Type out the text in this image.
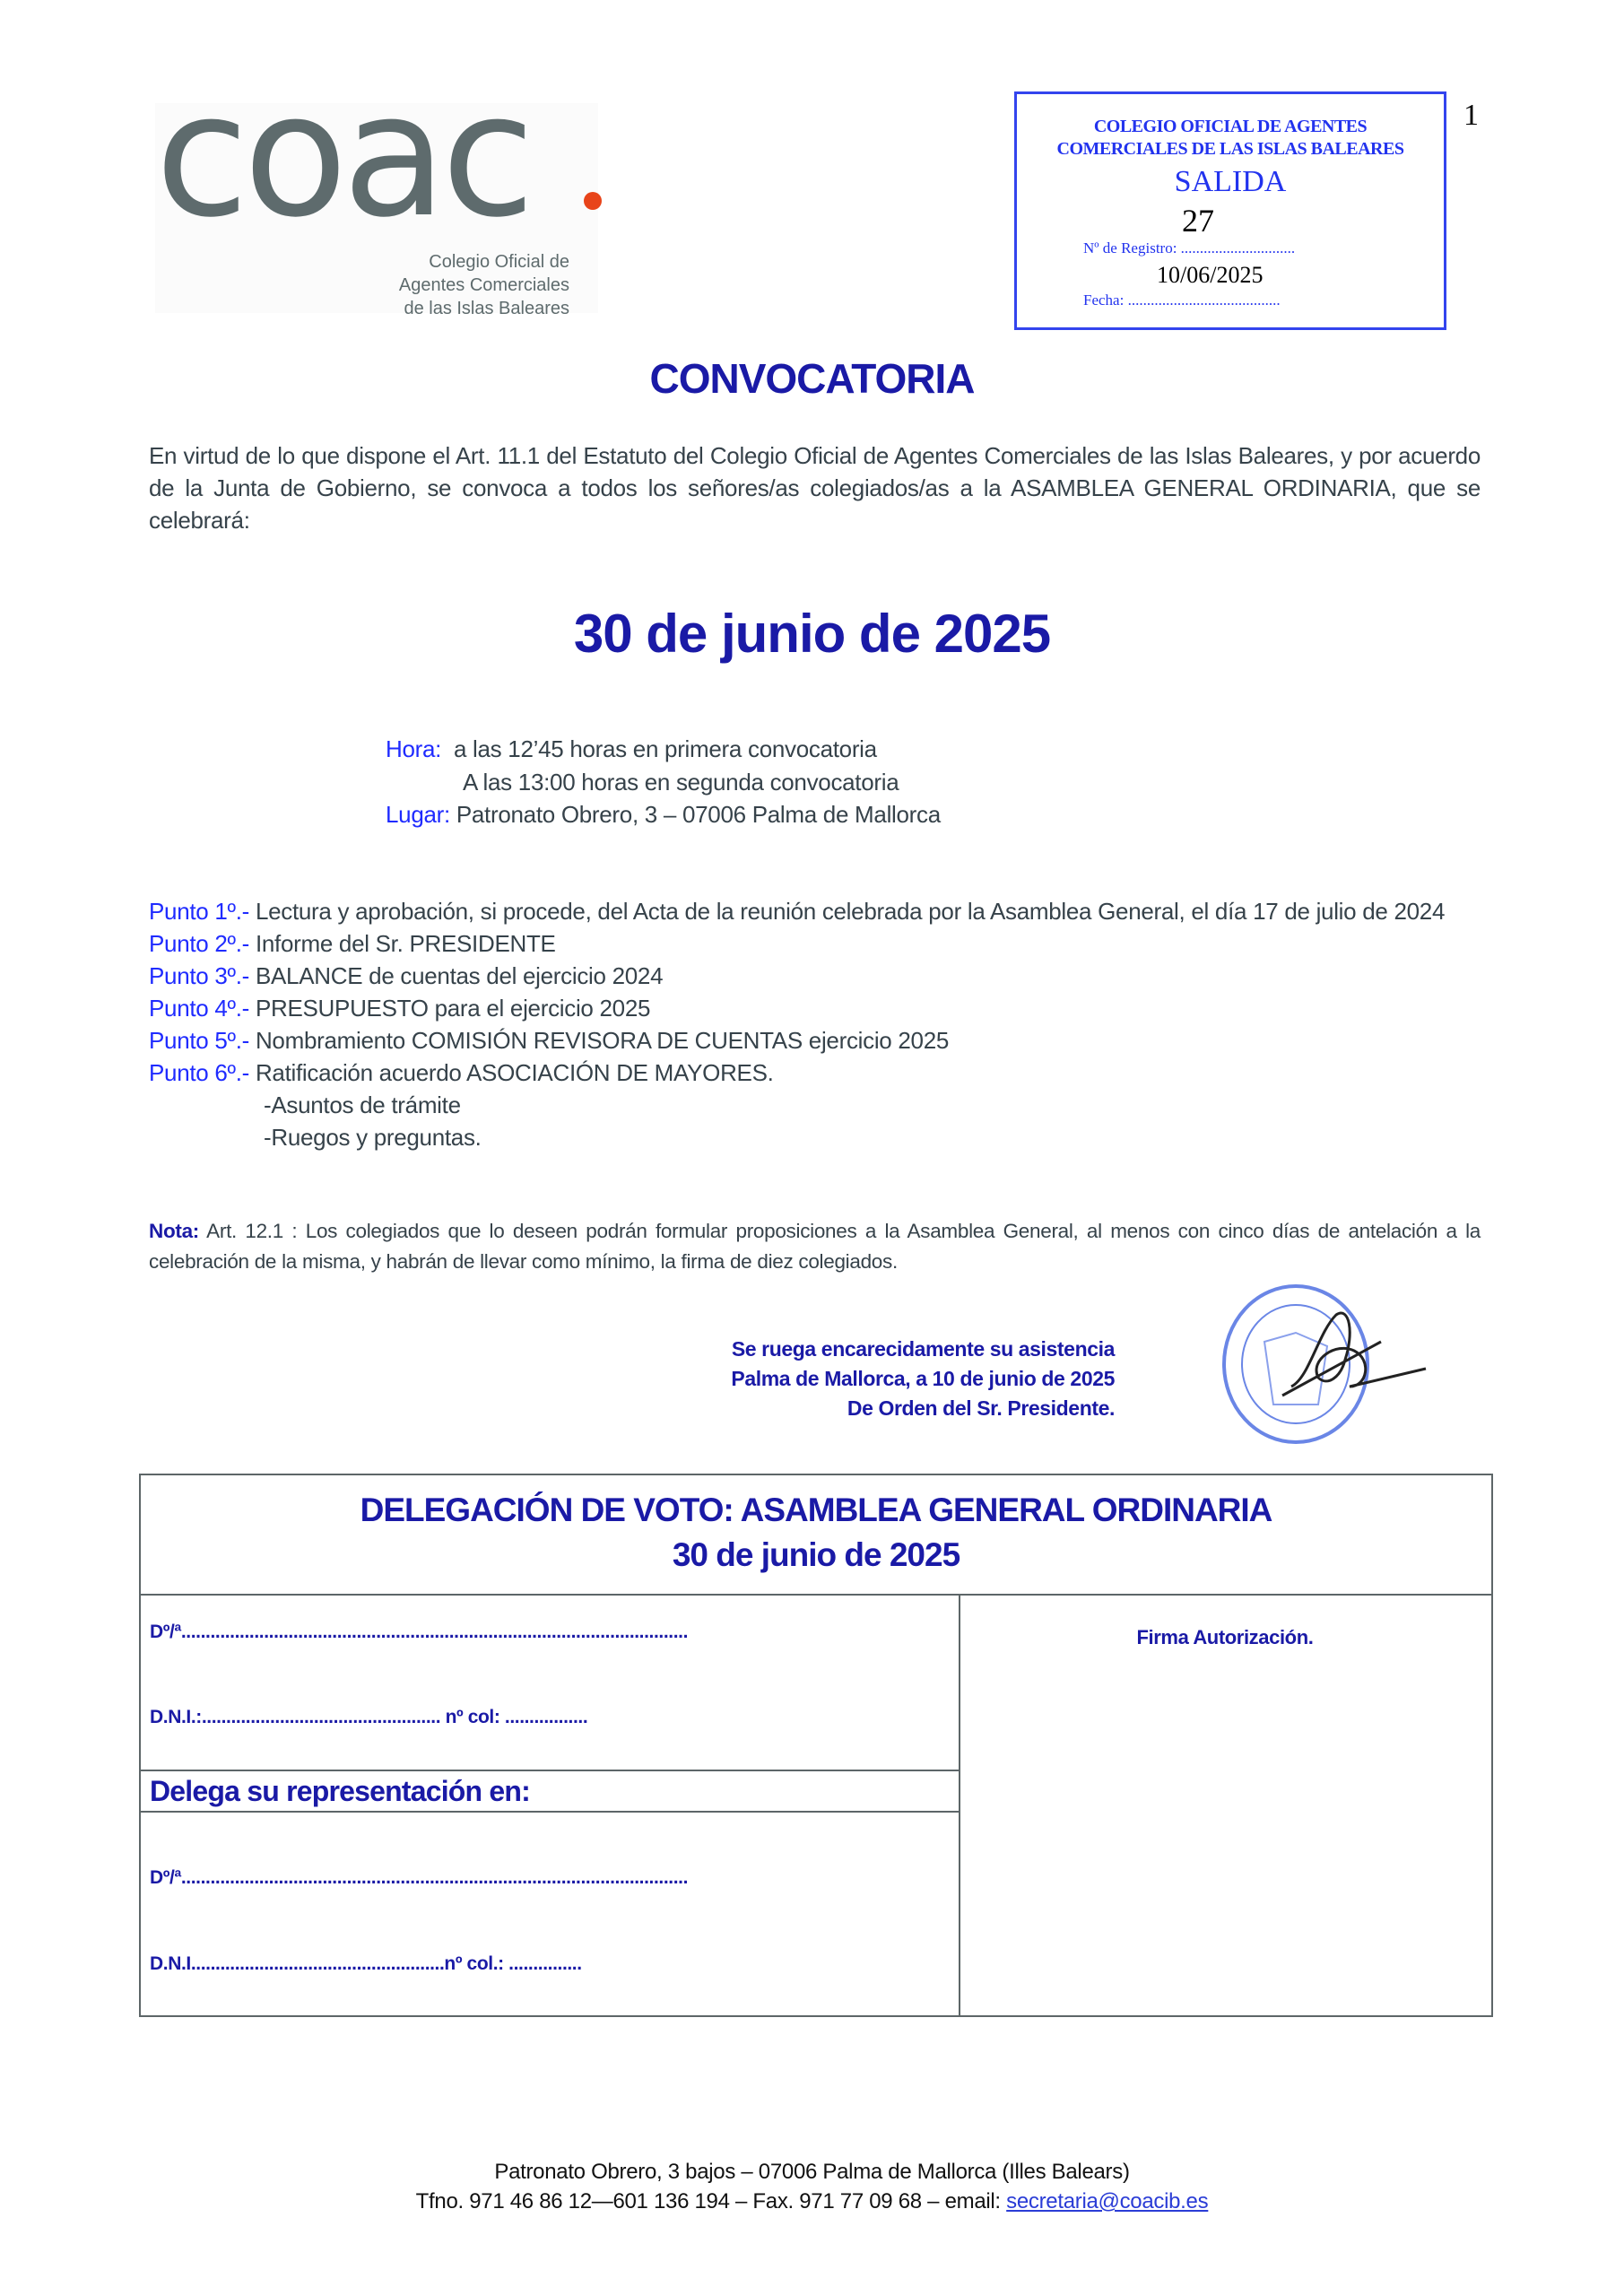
coac
Colegio Oficial de
Agentes Comerciales
de las Islas Baleares
COLEGIO OFICIAL DE AGENTES
COMERCIALES DE LAS ISLAS BALEARES
SALIDA
27
Nº de Registro: ..............................
10/06/2025
Fecha: ........................................
1
CONVOCATORIA
En virtud de lo que dispone el Art. 11.1 del Estatuto del Colegio Oficial de Agentes Comerciales de las Islas Baleares, y por acuerdo de la Junta de Gobierno, se convoca a todos los señores/as colegiados/as a la ASAMBLEA GENERAL ORDINARIA, que se celebrará:
30 de junio de 2025
Hora: a las 12’45 horas en primera convocatoria
A las 13:00 horas en segunda convocatoria
Lugar: Patronato Obrero, 3 – 07006 Palma de Mallorca
Punto 1º.- Lectura y aprobación, si procede, del Acta de la reunión celebrada por la Asamblea General, el día 17 de julio de 2024
Punto 2º.- Informe del Sr. PRESIDENTE
Punto 3º.- BALANCE de cuentas del ejercicio 2024
Punto 4º.- PRESUPUESTO para el ejercicio 2025
Punto 5º.- Nombramiento COMISIÓN REVISORA DE CUENTAS ejercicio 2025
Punto 6º.- Ratificación acuerdo ASOCIACIÓN DE MAYORES.
-Asuntos de trámite
-Ruegos y preguntas.
Nota: Art. 12.1 : Los colegiados que lo deseen podrán formular proposiciones a la Asamblea General, al menos con cinco días de antelación a la celebración de la misma, y habrán de llevar como mínimo, la firma de diez colegiados.
Se ruega encarecidamente su asistencia
Palma de Mallorca, a 10 de junio de 2025
De Orden del Sr. Presidente.
DELEGACIÓN DE VOTO: ASAMBLEA GENERAL ORDINARIA
30 de junio de 2025
Dº/ª........................................................................................................
D.N.I.:................................................. nº col: .................
Delega su representación en:
Dº/ª........................................................................................................
D.N.I....................................................nº col.: ...............
Firma Autorización.
Patronato Obrero, 3 bajos – 07006 Palma de Mallorca (Illes Balears)
Tfno. 971 46 86 12—601 136 194 – Fax. 971 77 09 68 – email: secretaria@coacib.es
